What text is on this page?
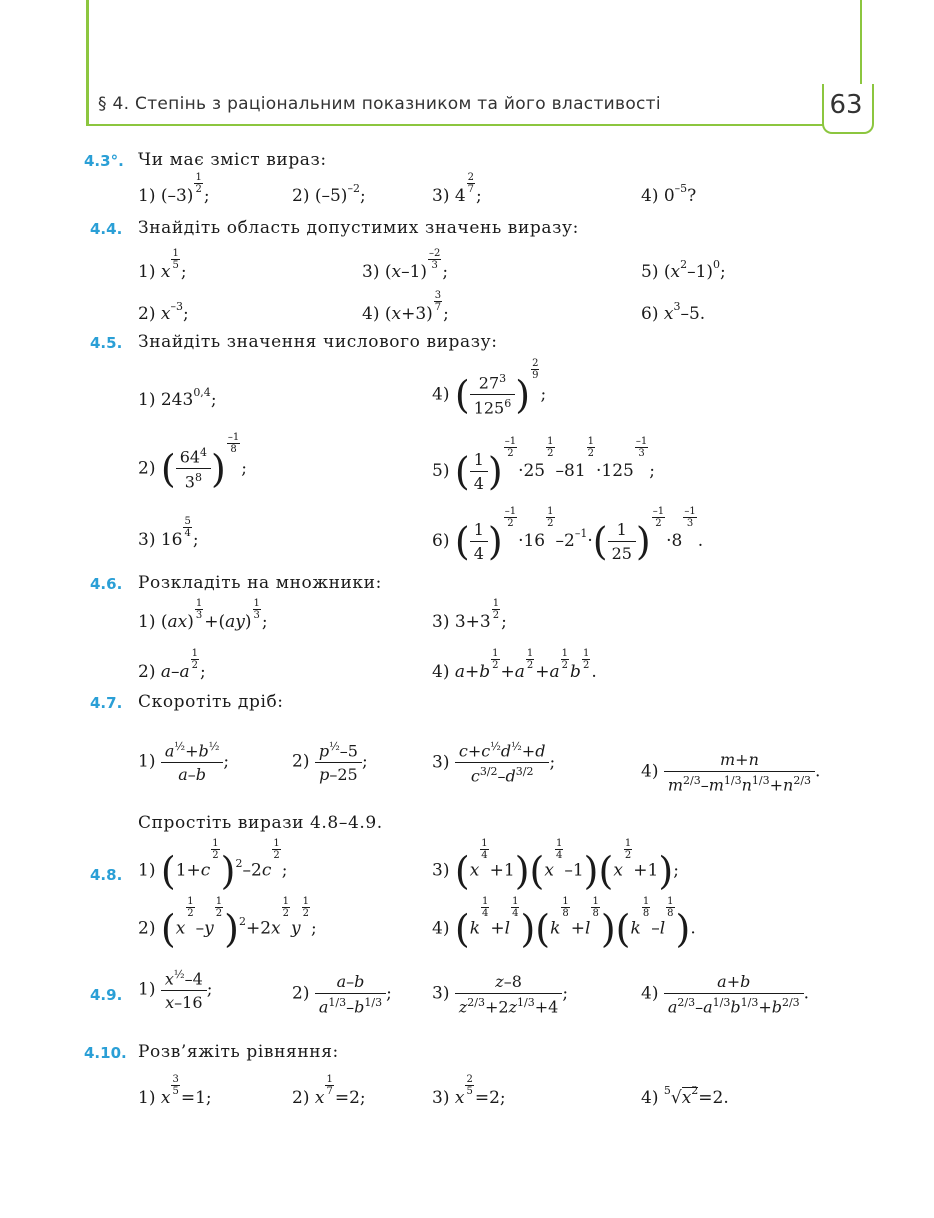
§ 4. Степінь з раціональним показником та його властивості	63
4.3°. Чи має зміст вираз:
1) (–3)
$\frac{1}{2}$
;	2) $(-5)^{-2}$;	3) 4
$\frac{2}{7}$
;	4) $0^{-5}$?
4.4. Знайдіть область допустимих значень виразу:
1) x
$\frac{1}{5}$
;	3) (x–1)
$\frac{-2}{3}$
;	5) $(x^2-1)^0$;
2) $x^{-3}$;	4) (x+3)
$\frac{3}{7}$
;	6) $x^3-5$.
4.5. Знайдіть значення числового виразу:
1) 243$^{0,4}$;	4) ( $\frac{27^3}{125^6}$ )
$\frac{2}{9}$
;
2) ( $\frac{64^4}{3^8}$ )
$\frac{-1}{8}$
;	5) ( $\frac{1}{4}$ )
$\frac{-1}{2}$
·25
$\frac{1}{2}$
–81
$\frac{1}{2}$
·125
$\frac{-1}{3}$
;
3) 16
$\frac{5}{4}$
;	6) ( $\frac{1}{4}$ )
$\frac{-1}{2}$
·16
$\frac{1}{2}$
$-2^{-1}\cdot( \frac{1}{25}$ )
$\frac{-1}{2}$
·8
$\frac{-1}{3}$
.
4.6. Розкладіть на множники:
1) (ax)
$\frac{1}{3}$
+(ay)
$\frac{1}{3}$
;	3) 3+3
$\frac{1}{2}$
;
2) a–a
$\frac{1}{2}$
;	4) a+b
$\frac{1}{2}$
+a
$\frac{1}{2}$
+a
$\frac{1}{2}$
b
$\frac{1}{2}$
.
4.7. Скоротіть дріб:
$1) \frac{a^{\frac{1}{2}}+b^{\frac{1}{2}}}{a-b}$ ;	$2) \frac{p^{\frac{1}{2}}-5}{p-25}$ ;	$3) \frac{c+c^{\frac{1}{2}}d^{\frac{1}{2}}+d}{c^{3/2}-d^{3/2}}$ ;	$4) \frac{m+n}{m^{2/3}-m^{1/3}n^{1/3}+n^{2/3}}$ .
Спростіть вирази 4.8–4.9.
4.8. 1) (1+c
$\frac{1}{2} )^2-2c$
$\frac{1}{2}$
;	3) (x
$\frac{1}{4}$
+1)(x
$\frac{1}{4}$
–1)(x
$\frac{1}{2}$
+1);
2) (x
$\frac{1}{2}$
–y
$\frac{1}{2} )^2+2x$
$\frac{1}{2}$
y
$\frac{1}{2}$
;	4) (k
$\frac{1}{4}$
+l
$\frac{1}{4} )(k$
$\frac{1}{8}$
+l
$\frac{1}{8} )(k$
$\frac{1}{8}$
–l
$\frac{1}{8}$ ).
4.9. $1) \frac{x^{\frac{1}{2}}-4}{x-16}$ ;	$2) \frac{a-b}{a^{1/3}-b^{1/3}}$ ; $3) \frac{z-8}{z^{2/3}+2z^{1/3}+4}$ ;	$4) \frac{a+b}{a^{2/3}-a^{1/3}b^{1/3}+b^{2/3}}$ .
4.10. Розв’яжіть рівняння:
1) x
$\frac{3}{5}$
=1;	2) x
$\frac{1}{7}$
=2;	3) x
$\frac{2}{5}$
=2;	4) $^5√x^2=2$.
